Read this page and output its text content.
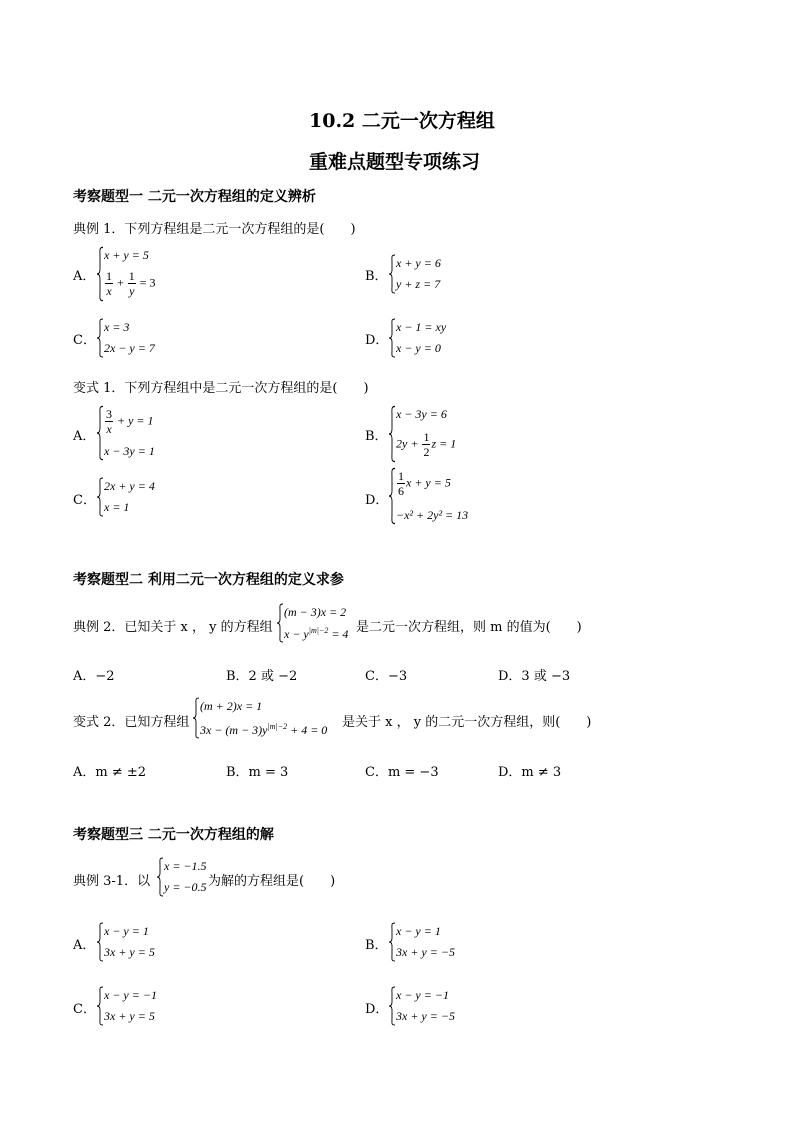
10.2 二元一次方程组
重难点题型专项练习
考察题型一 二元一次方程组的定义辨析
典例 1．下列方程组是二元一次方程组的是(　　)
A．
x + y = 5
$\frac{1}{x} + \frac{1}{y} = 3$	B．
x + y = 6
y + z = 7
C．
x = 3
2x − y = 7	D．
x − 1 = xy
x − y = 0
变式 1．下列方程组中是二元一次方程组的是(　　)
A．
$\frac{3}{x} + y = 1$
x − 3y = 1
B．
x − 3y = 6
$2y + \frac{1}{2}$ z = 1
C．
2x + y = 4
x = 1	D．
$\frac{1}{6}$ x + y = 5
−x² + 2y² = 13
考察题型二 利用二元一次方程组的定义求参
典例 2．已知关于 x ， y 的方程组
(m − 3)x = 2
$x - y^{|m|-2} = 4$ 是二元一次方程组，则 m 的值为(　　)
A．−2	B．2 或 −2	C．−3	D．3 或 −3
变式 2．已知方程组
(m + 2)x = 1
$3x - (m - 3)y^{|m|-2} + 4 = 0$ 是关于 x ， y 的二元一次方程组，则(　　)
A．m ≠ ±2	B．m = 3	C．m = −3	D．m ≠ 3
考察题型三 二元一次方程组的解
典例 3-1．以
x = −1.5
y = −0.5 为解的方程组是(　　)
A．
x − y = 1
3x + y = 5	B．
x − y = 1
3x + y = −5
C．
x − y = −1
3x + y = 5	D．
x − y = −1
3x + y = −5
